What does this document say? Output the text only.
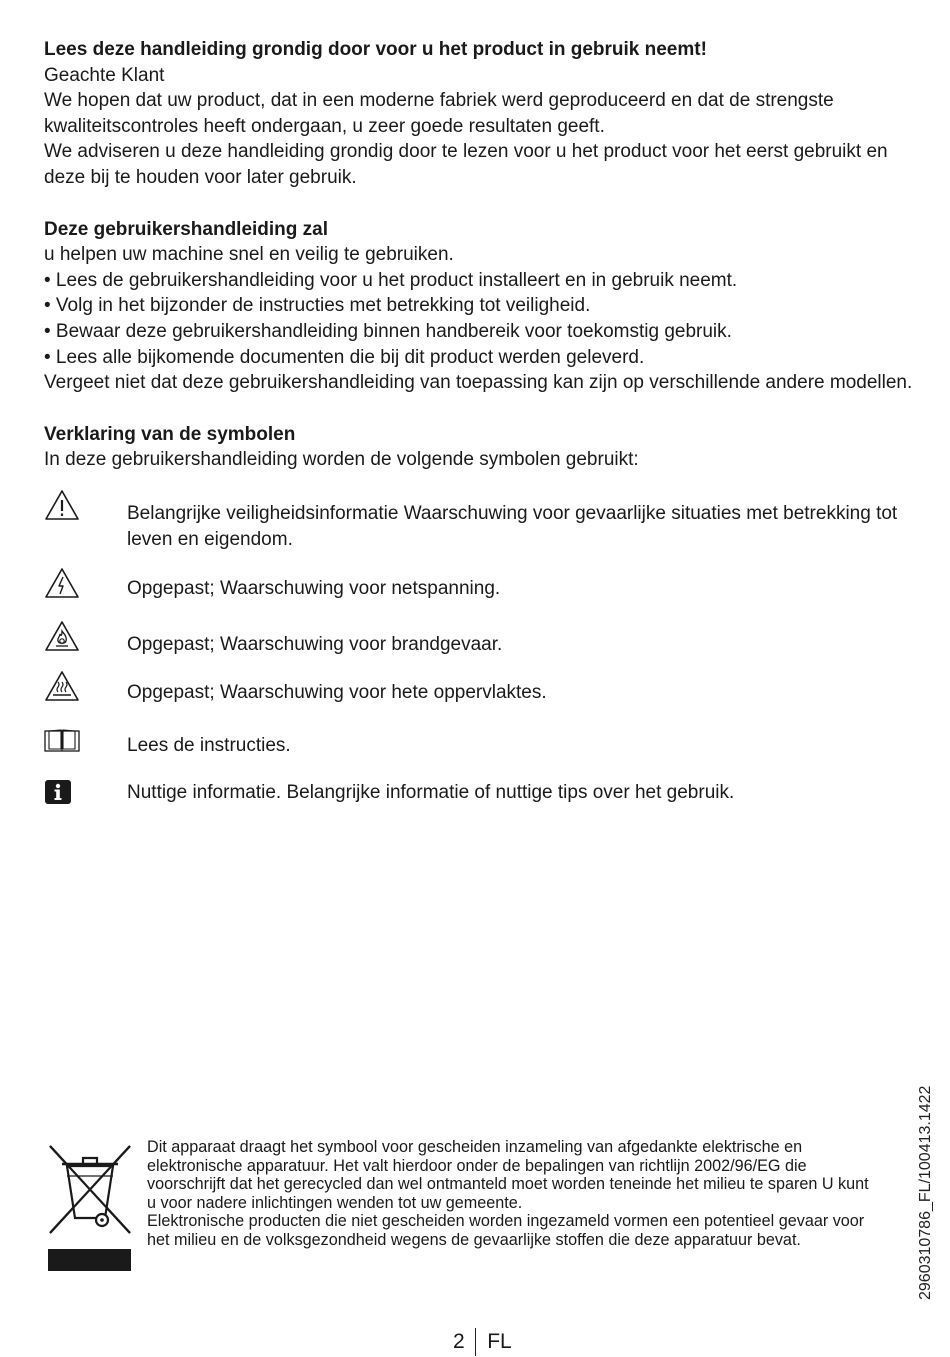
Lees deze handleiding grondig door voor u het product in gebruik neemt!

Geachte Klant

We hopen dat uw product, dat in een moderne fabriek werd geproduceerd en dat de strengste kwaliteitscontroles heeft ondergaan, u zeer goede resultaten geeft.

We adviseren u deze handleiding grondig door te lezen voor u het product voor het eerst gebruikt en deze bij te houden voor later gebruik.

Deze gebruikershandleiding zal

u helpen uw machine snel en veilig te gebruiken.

• Lees de gebruikershandleiding voor u het product installeert en in gebruik neemt.

• Volg in het bijzonder de instructies met betrekking tot veiligheid.

• Bewaar deze gebruikershandleiding binnen handbereik voor toekomstig gebruik.

• Lees alle bijkomende documenten die bij dit product werden geleverd.

Vergeet niet dat deze gebruikershandleiding van toepassing kan zijn op verschillende andere modellen.

Verklaring van de symbolen

In deze gebruikershandleiding worden de volgende symbolen gebruikt:

Belangrijke veiligheidsinformatie Waarschuwing voor gevaarlijke situaties met betrekking tot leven en eigendom.
Opgepast; Waarschuwing voor netspanning.
Opgepast; Waarschuwing voor brandgevaar.
Opgepast; Waarschuwing voor hete oppervlaktes.
Lees de instructies.
Nuttige informatie. Belangrijke informatie of nuttige tips over het gebruik.

Dit apparaat draagt het symbool voor gescheiden inzameling van afgedankte elektrische en elektronische apparatuur. Het valt hierdoor onder de bepalingen van richtlijn 2002/96/EG die voorschrijft dat het gerecycled dan wel ontmanteld moet worden teneinde het milieu te sparen U kunt u voor nadere inlichtingen wenden tot uw gemeente.

Elektronische producten die niet gescheiden worden ingezameld vormen een potentieel gevaar voor het milieu en de volksgezondheid wegens de gevaarlijke stoffen die deze apparatuur bevat.	2960310786_FL/100413.1422
2 FL
